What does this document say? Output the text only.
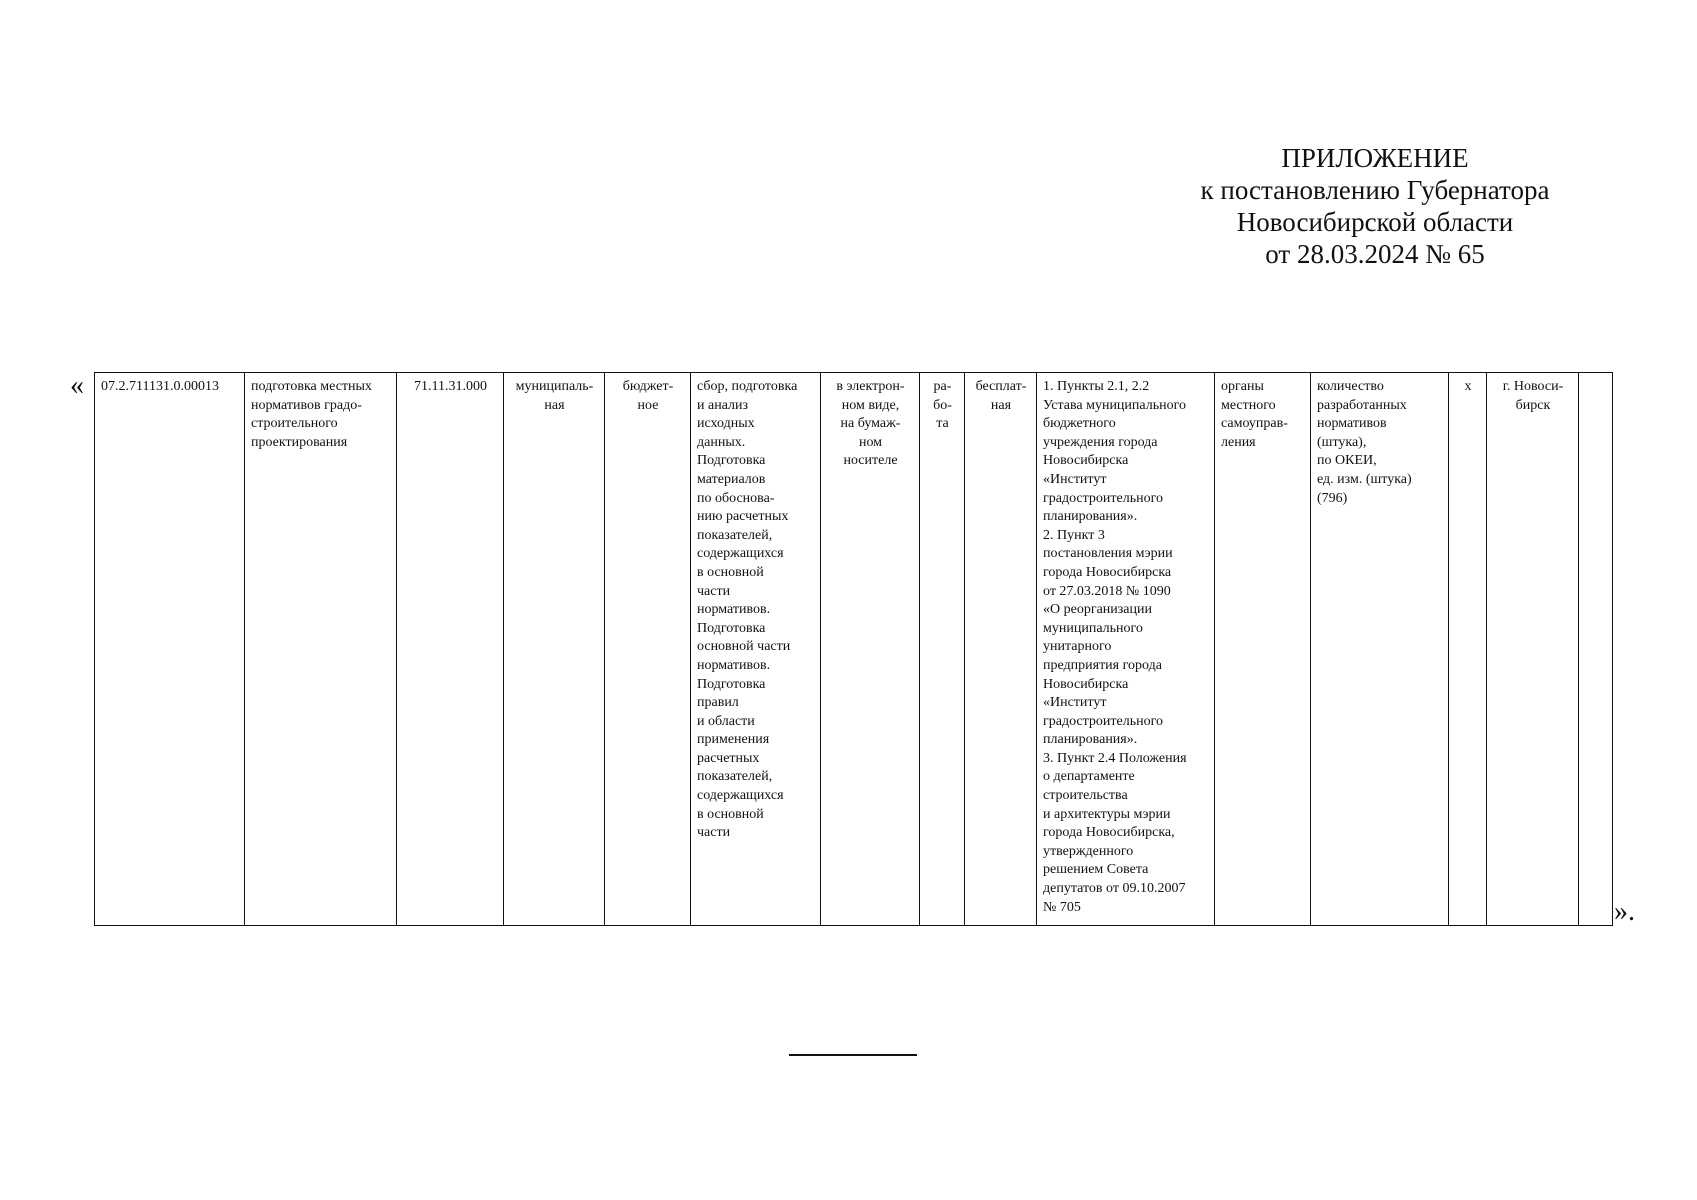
ПРИЛОЖЕНИЕ
к постановлению Губернатора
Новосибирской области
от 28.03.2024 № 65
« 07.2.711131.0.00013	подготовка местных
нормативов градо-
строительного
проектирования	71.11.31.000	муниципаль-
ная	бюджет-
ное	сбор, подготовка
и анализ
исходных
данных.
Подготовка
материалов
по обоснова-
нию расчетных
показателей,
содержащихся
в основной
части
нормативов.
Подготовка
основной части
нормативов.
Подготовка
правил
и области
применения
расчетных
показателей,
содержащихся
в основной
части	в электрон-
ном виде,
на бумаж-
ном
носителе	ра-
бо-
та	бесплат-
ная	1. Пункты 2.1, 2.2
Устава муниципального
бюджетного
учреждения города
Новосибирска
«Институт
градостроительного
планирования».
2. Пункт 3
постановления мэрии
города Новосибирска
от 27.03.2018 № 1090
«О реорганизации
муниципального
унитарного
предприятия города
Новосибирска
«Институт
градостроительного
планирования».
3. Пункт 2.4 Положения
о департаменте
строительства
и архитектуры мэрии
города Новосибирска,
утвержденного
решением Совета
депутатов от 09.10.2007
№ 705	органы
местного
самоуправ-
ления	количество
разработанных
нормативов
(штука),
по ОКЕИ,
ед. изм. (штука)
(796)	х	г. Новоси-
бирск	
».
